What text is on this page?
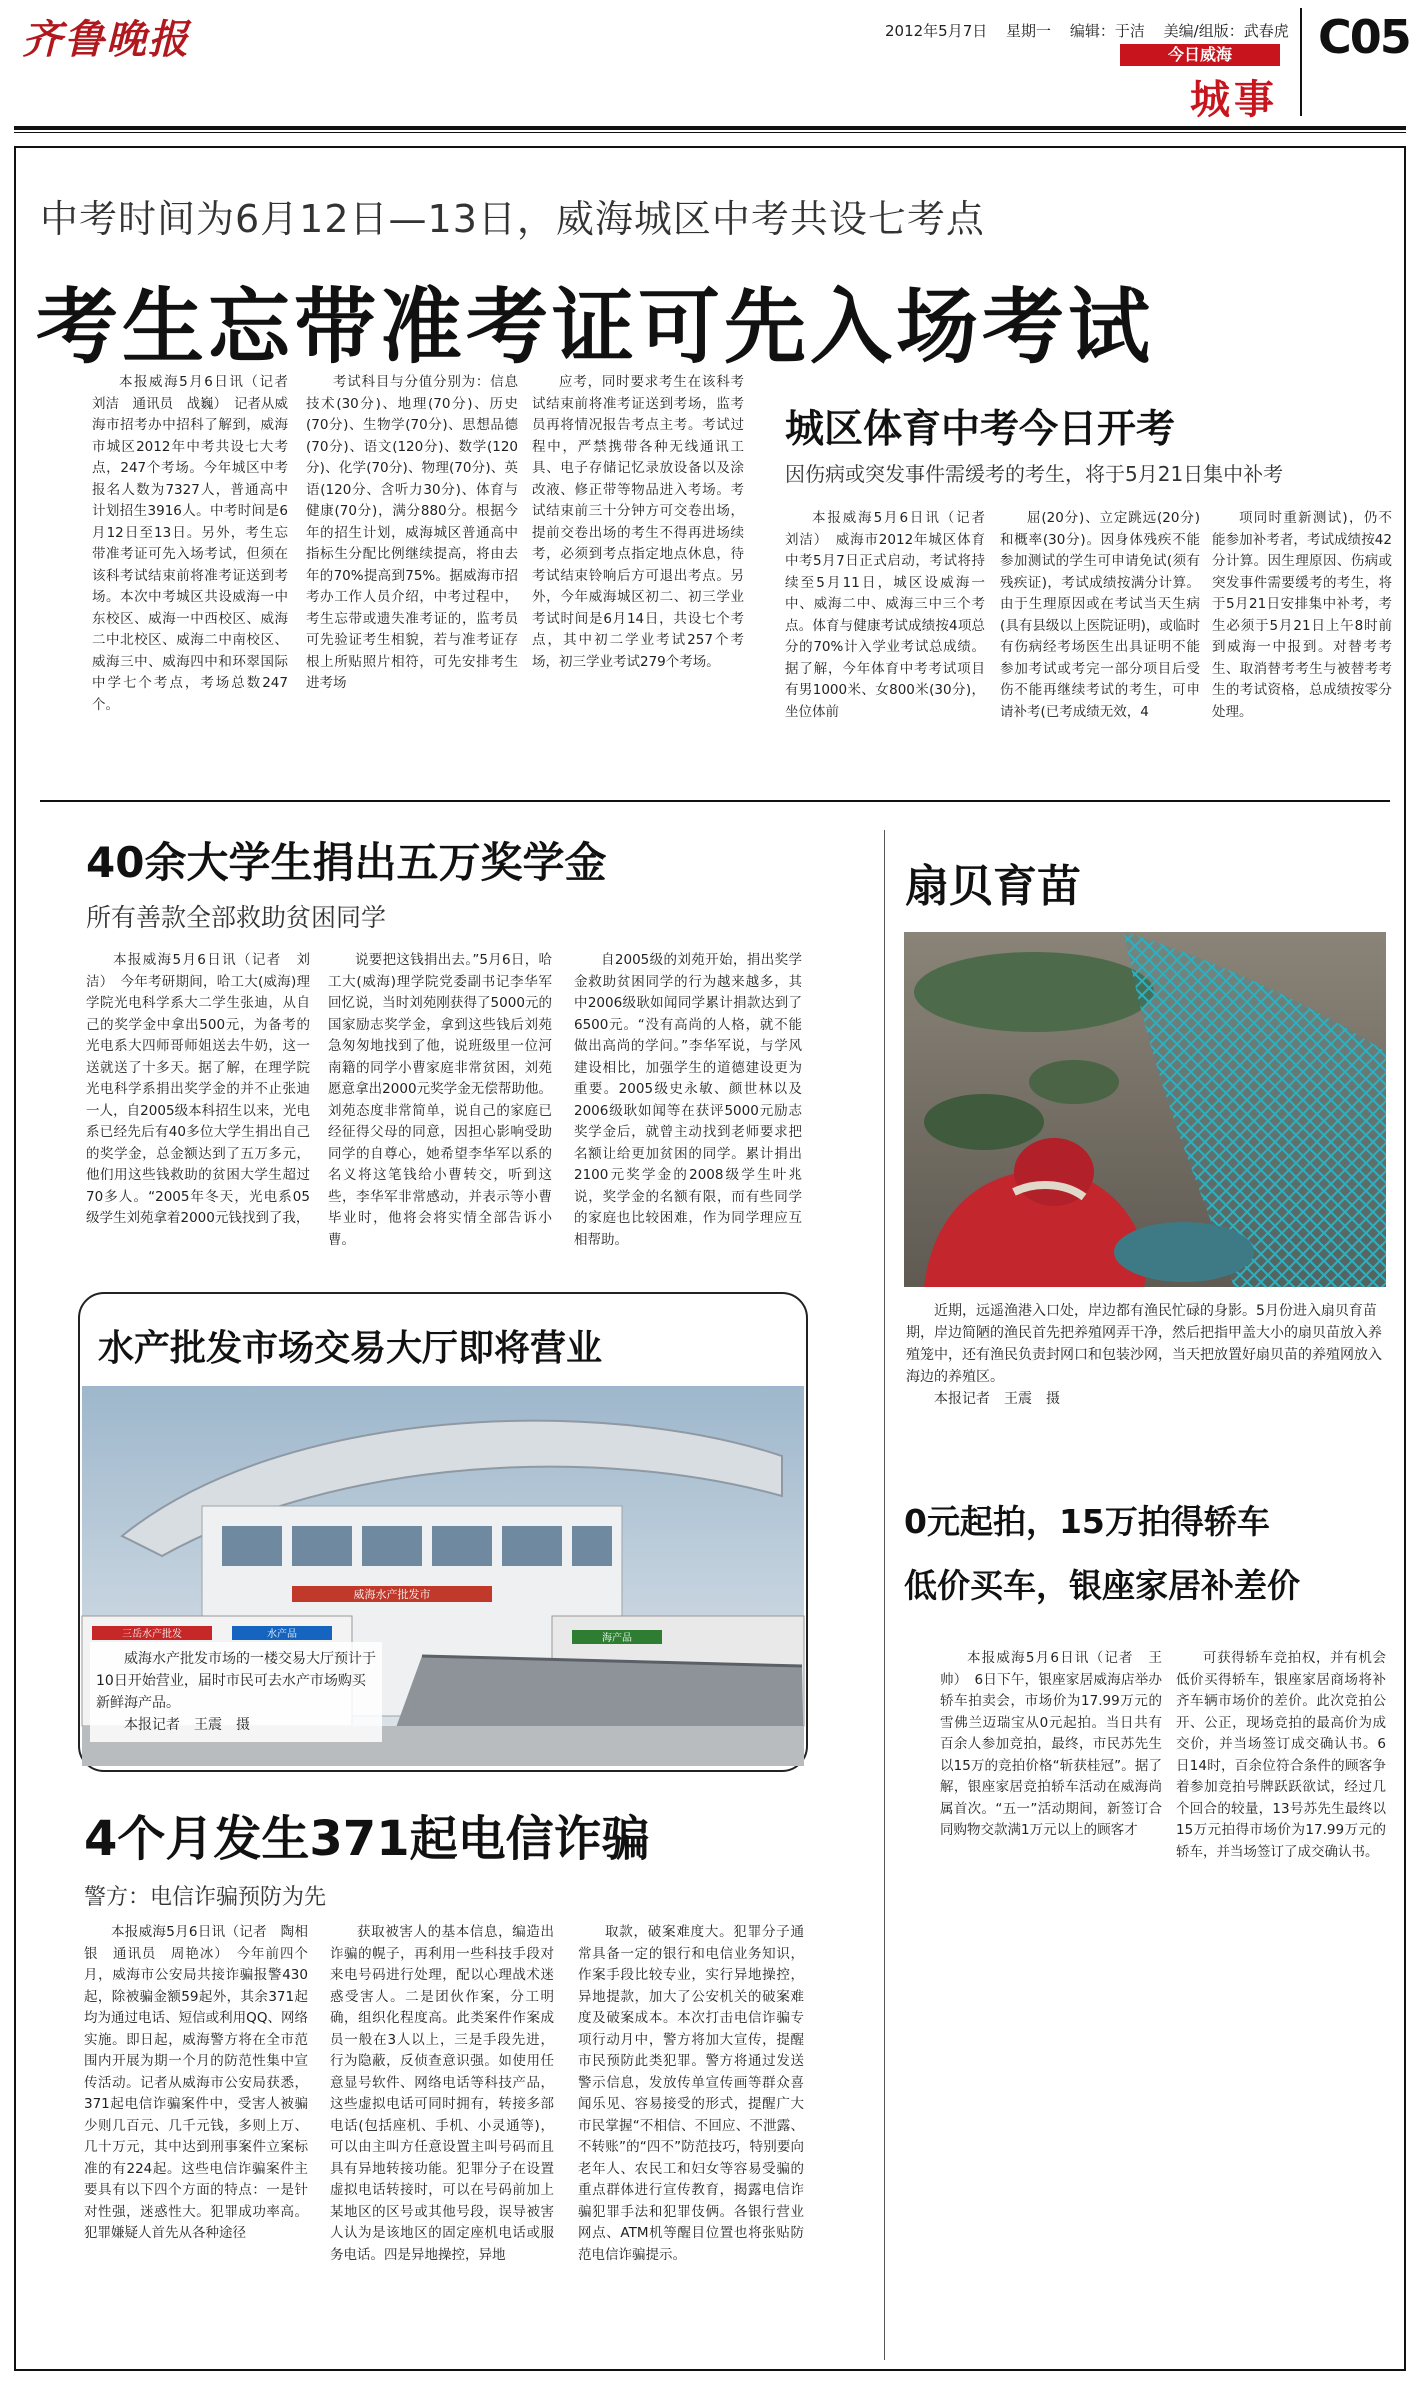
齐鲁晚报	2012年5月7日 星期一 编辑：于洁 美编/组版：武春虎
今日威海
城事
C05
中考时间为6月12日—13日，威海城区中考共设七考点
考生忘带准考证可先入场考试

本报威海5月6日讯（记者　刘洁　通讯员　战巍）　记者从威海市招考办中招科了解到，威海市城区2012年中考共设七大考点，247个考场。今年城区中考报名人数为7327人，普通高中计划招生3916人。中考时间是6月12日至13日。另外，考生忘带准考证可先入场考试，但须在该科考试结束前将准考证送到考场。本次中考城区共设威海一中东校区、威海一中西校区、威海二中北校区、威海二中南校区、威海三中、威海四中和环翠国际中学七个考点，考场总数247个。

考试科目与分值分别为：信息技术(30分)、地理(70分)、历史(70分)、生物学(70分)、思想品德(70分)、语文(120分)、数学(120分)、化学(70分)、物理(70分)、英语(120分、含听力30分)、体育与健康(70分)，满分880分。根据今年的招生计划，威海城区普通高中指标生分配比例继续提高，将由去年的70%提高到75%。据威海市招考办工作人员介绍，中考过程中，考生忘带或遗失准考证的，监考员可先验证考生相貌，若与准考证存根上所贴照片相符，可先安排考生进考场

应考，同时要求考生在该科考试结束前将准考证送到考场，监考员再将情况报告考点主考。考试过程中，严禁携带各种无线通讯工具、电子存储记忆录放设备以及涂改液、修正带等物品进入考场。考试结束前三十分钟方可交卷出场，提前交卷出场的考生不得再进场续考，必须到考点指定地点休息，待考试结束铃响后方可退出考点。另外，今年威海城区初二、初三学业考试时间是6月14日，共设七个考点，其中初二学业考试257个考场，初三学业考试279个考场。

城区体育中考今日开考
因伤病或突发事件需缓考的考生，将于5月21日集中补考

本报威海5月6日讯（记者　刘洁）　威海市2012年城区体育中考5月7日正式启动，考试将持续至5月11日，城区设威海一中、威海二中、威海三中三个考点。体育与健康考试成绩按4项总分的70%计入学业考试总成绩。据了解，今年体育中考考试项目有男1000米、女800米(30分)，坐位体前

屈(20分)、立定跳远(20分)和概率(30分)。因身体残疾不能参加测试的学生可申请免试(须有残疾证)，考试成绩按满分计算。由于生理原因或在考试当天生病(具有县级以上医院证明)，或临时有伤病经考场医生出具证明不能参加考试或考完一部分项目后受伤不能再继续考试的考生，可申请补考(已考成绩无效，4

项同时重新测试)，仍不能参加补考者，考试成绩按42分计算。因生理原因、伤病或突发事件需要缓考的考生，将于5月21日安排集中补考，考生必须于5月21日上午8时前到威海一中报到。对替考考生、取消替考考生与被替考考生的考试资格，总成绩按零分处理。

40余大学生捐出五万奖学金
所有善款全部救助贫困同学

本报威海5月6日讯（记者　刘洁）　今年考研期间，哈工大(威海)理学院光电科学系大二学生张迪，从自己的奖学金中拿出500元，为备考的光电系大四师哥师姐送去牛奶，这一送就送了十多天。据了解，在理学院光电科学系捐出奖学金的并不止张迪一人，自2005级本科招生以来，光电系已经先后有40多位大学生捐出自己的奖学金，总金额达到了五万多元，他们用这些钱救助的贫困大学生超过70多人。“2005年冬天，光电系05级学生刘苑拿着2000元钱找到了我，

说要把这钱捐出去。”5月6日，哈工大(威海)理学院党委副书记李华军回忆说，当时刘苑刚获得了5000元的国家励志奖学金，拿到这些钱后刘苑急匆匆地找到了他，说班级里一位河南籍的同学小曹家庭非常贫困，刘苑愿意拿出2000元奖学金无偿帮助他。刘苑态度非常简单，说自己的家庭已经征得父母的同意，因担心影响受助同学的自尊心，她希望李华军以系的名义将这笔钱给小曹转交，听到这些，李华军非常感动，并表示等小曹毕业时，他将会将实情全部告诉小曹。

自2005级的刘苑开始，捐出奖学金救助贫困同学的行为越来越多，其中2006级耿如闻同学累计捐款达到了6500元。“没有高尚的人格，就不能做出高尚的学问。”李华军说，与学风建设相比，加强学生的道德建设更为重要。2005级史永敏、颜世林以及2006级耿如闻等在获评5000元励志奖学金后，就曾主动找到老师要求把名额让给更加贫困的同学。累计捐出2100元奖学金的2008级学生叶兆说，奖学金的名额有限，而有些同学的家庭也比较困难，作为同学理应互相帮助。

扇贝育苗

近期，远遥渔港入口处，岸边都有渔民忙碌的身影。5月份进入扇贝育苗期，岸边简陋的渔民首先把养殖网弄干净，然后把指甲盖大小的扇贝苗放入养殖笼中，还有渔民负责封网口和包装沙网，当天把放置好扇贝苗的养殖网放入海边的养殖区。

本报记者　王震　摄

水产批发市场交易大厅即将营业
威海水产批发市
三岳水产批发	水产品	海产品

威海水产批发市场的一楼交易大厅预计于10日开始营业，届时市民可去水产市场购买新鲜海产品。

本报记者　王震　摄

0元起拍，15万拍得轿车
低价买车，银座家居补差价

本报威海5月6日讯（记者　王帅）　6日下午，银座家居威海店举办轿车拍卖会，市场价为17.99万元的雪佛兰迈瑞宝从0元起拍。当日共有百余人参加竞拍，最终，市民苏先生以15万的竞拍价格“斩获桂冠”。据了解，银座家居竞拍轿车活动在威海尚属首次。“五一”活动期间，新签订合同购物交款满1万元以上的顾客才

可获得轿车竞拍权，并有机会低价买得轿车，银座家居商场将补齐车辆市场价的差价。此次竞拍公开、公正，现场竞拍的最高价为成交价，并当场签订成交确认书。6日14时，百余位符合条件的顾客争着参加竞拍号牌跃跃欲试，经过几个回合的较量，13号苏先生最终以15万元拍得市场价为17.99万元的轿车，并当场签订了成交确认书。

4个月发生371起电信诈骗
警方：电信诈骗预防为先

本报威海5月6日讯（记者　陶相银　通讯员　周艳冰）　今年前四个月，威海市公安局共接诈骗报警430起，除被骗金额59起外，其余371起均为通过电话、短信或利用QQ、网络实施。即日起，威海警方将在全市范围内开展为期一个月的防范性集中宣传活动。记者从威海市公安局获悉，371起电信诈骗案件中，受害人被骗少则几百元、几千元钱，多则上万、几十万元，其中达到刑事案件立案标准的有224起。这些电信诈骗案件主要具有以下四个方面的特点：一是针对性强，迷惑性大。犯罪成功率高。犯罪嫌疑人首先从各种途径

获取被害人的基本信息，编造出诈骗的幌子，再利用一些科技手段对来电号码进行处理，配以心理战术迷惑受害人。二是团伙作案，分工明确，组织化程度高。此类案件作案成员一般在3人以上，三是手段先进，行为隐蔽，反侦查意识强。如使用任意显号软件、网络电话等科技产品，这些虚拟电话可同时拥有，转接多部电话(包括座机、手机、小灵通等)，可以由主叫方任意设置主叫号码而且具有异地转接功能。犯罪分子在设置虚拟电话转接时，可以在号码前加上某地区的区号或其他号段，误导被害人认为是该地区的固定座机电话或服务电话。四是异地操控，异地

取款，破案难度大。犯罪分子通常具备一定的银行和电信业务知识，作案手段比较专业，实行异地操控，异地提款，加大了公安机关的破案难度及破案成本。本次打击电信诈骗专项行动月中，警方将加大宣传，提醒市民预防此类犯罪。警方将通过发送警示信息，发放传单宣传画等群众喜闻乐见、容易接受的形式，提醒广大市民掌握“不相信、不回应、不泄露、不转账”的“四不”防范技巧，特别要向老年人、农民工和妇女等容易受骗的重点群体进行宣传教育，揭露电信诈骗犯罪手法和犯罪伎俩。各银行营业网点、ATM机等醒目位置也将张贴防范电信诈骗提示。
